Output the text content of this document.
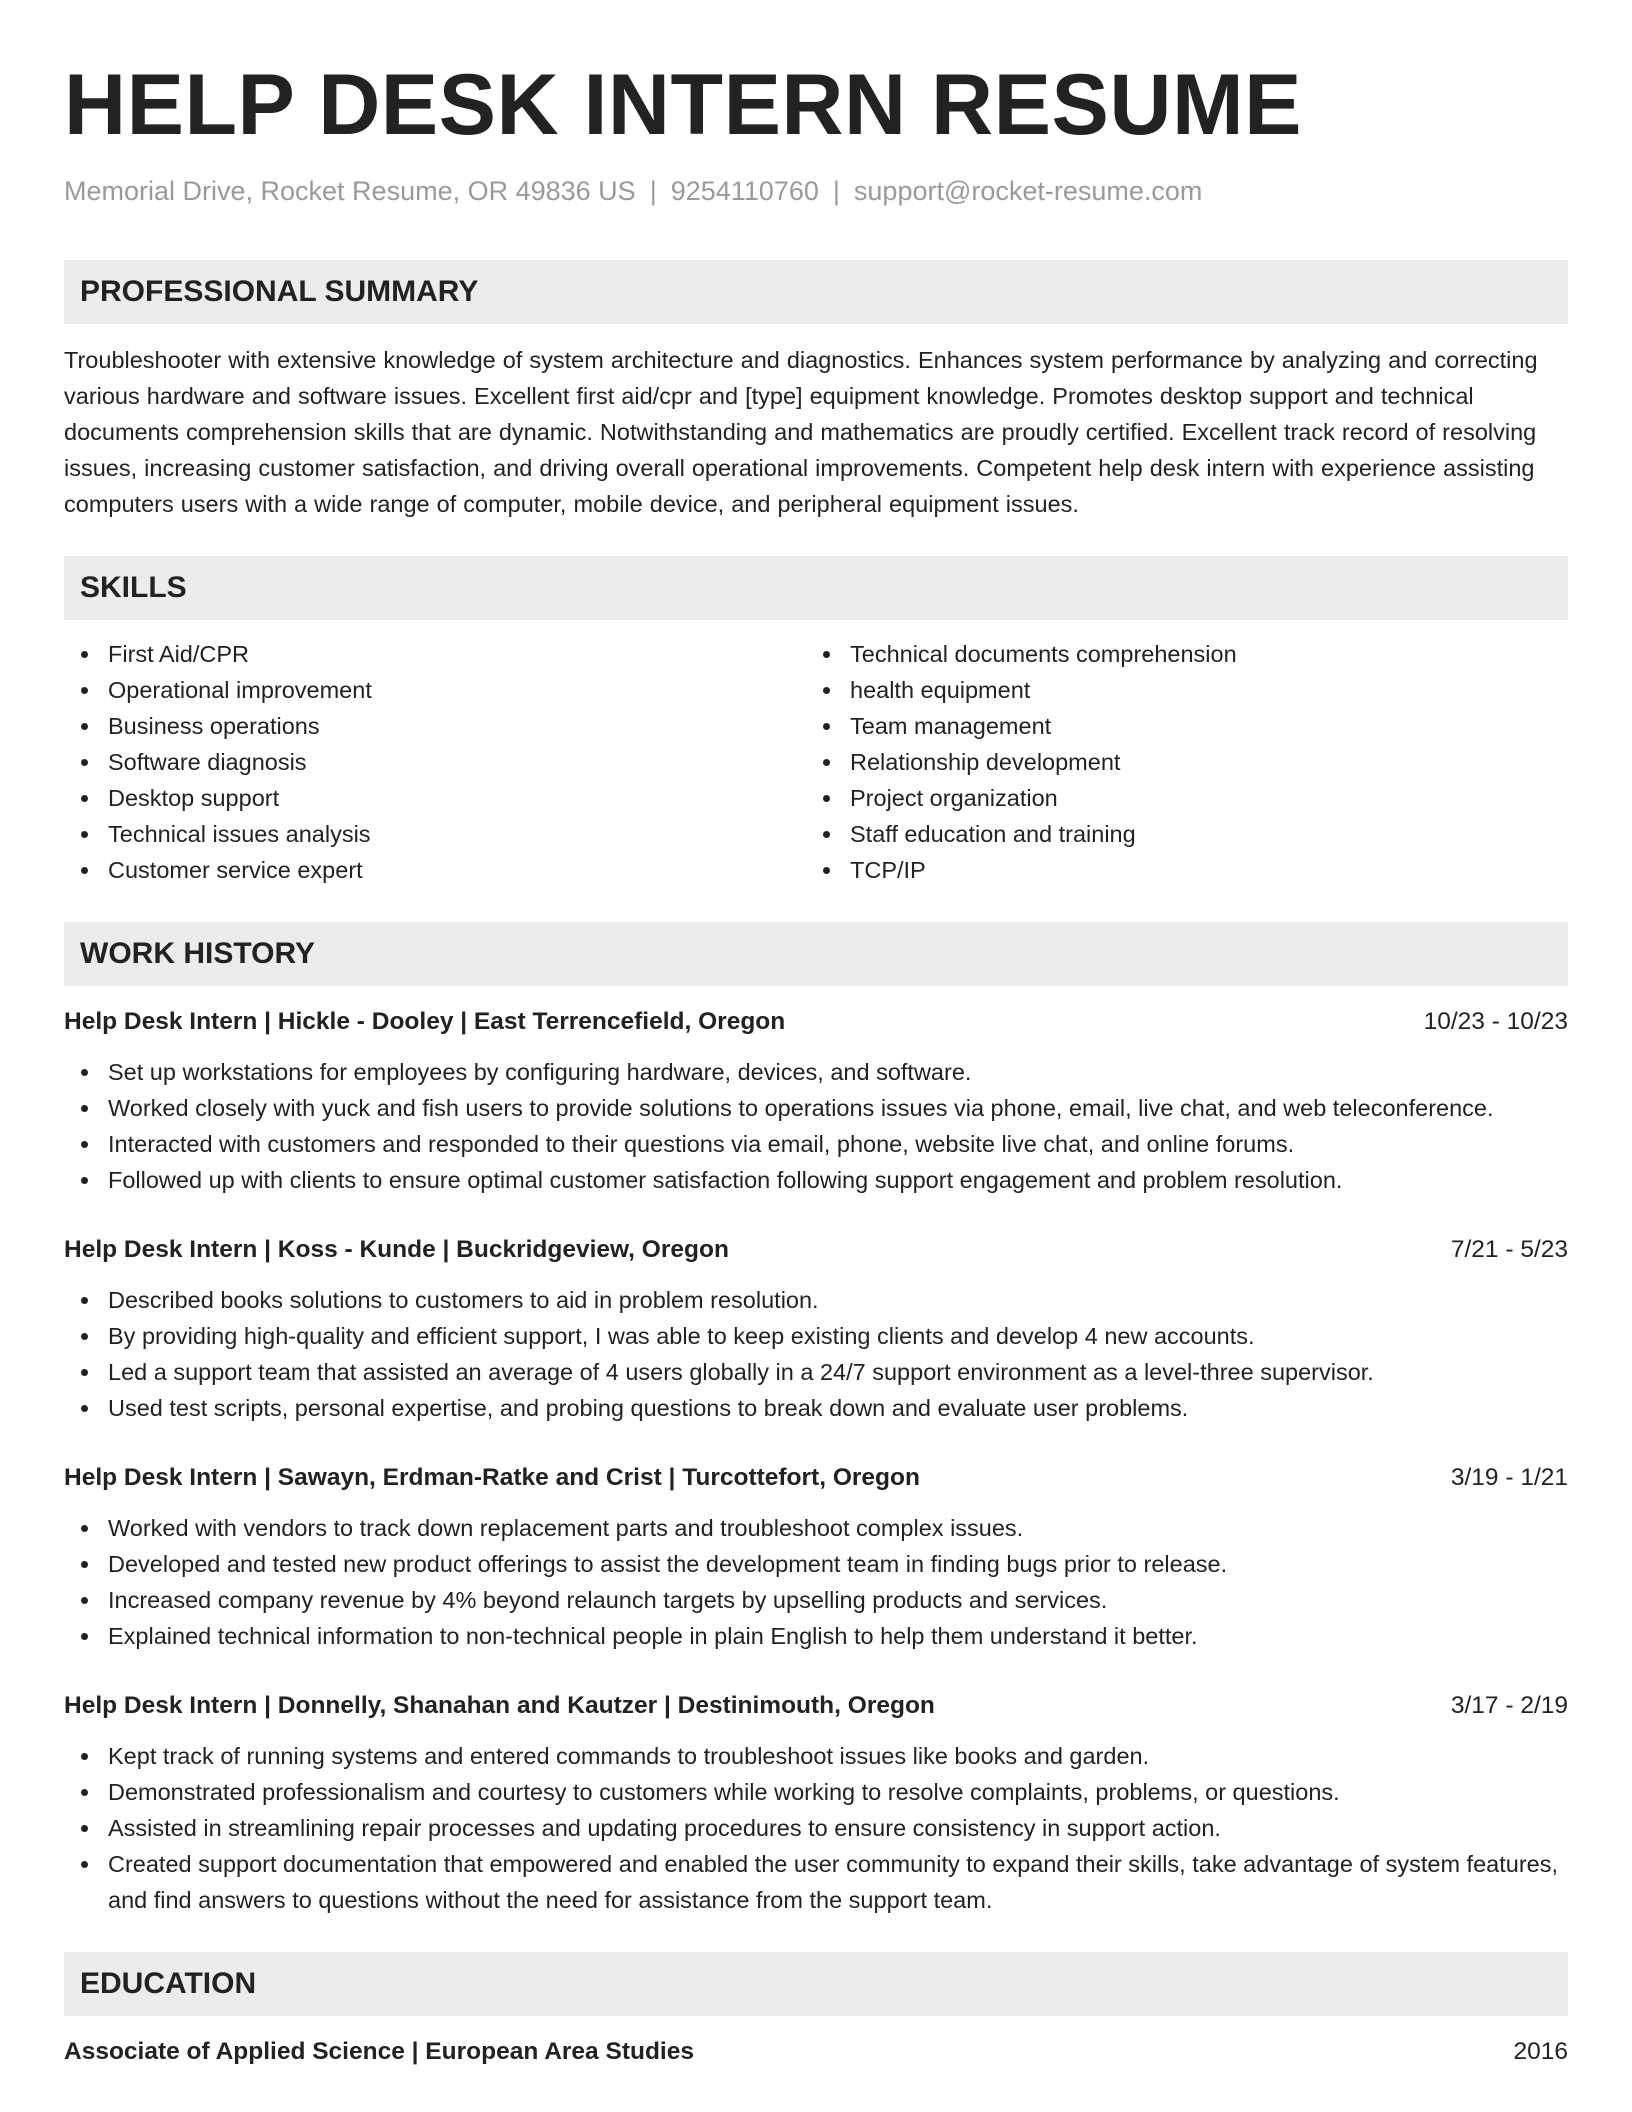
HELP DESK INTERN RESUME
Memorial Drive, Rocket Resume, OR 49836 US | 9254110760 | support@rocket-resume.com
PROFESSIONAL SUMMARY
Troubleshooter with extensive knowledge of system architecture and diagnostics. Enhances system performance by analyzing and correcting various hardware and software issues. Excellent first aid/cpr and [type] equipment knowledge. Promotes desktop support and technical documents comprehension skills that are dynamic. Notwithstanding and mathematics are proudly certified. Excellent track record of resolving issues, increasing customer satisfaction, and driving overall operational improvements. Competent help desk intern with experience assisting computers users with a wide range of computer, mobile device, and peripheral equipment issues.
SKILLS
First Aid/CPR
Operational improvement
Business operations
Software diagnosis
Desktop support
Technical issues analysis
Customer service expert
Technical documents comprehension
health equipment
Team management
Relationship development
Project organization
Staff education and training
TCP/IP
WORK HISTORY
Help Desk Intern | Hickle - Dooley | East Terrencefield, Oregon	10/23 - 10/23
Set up workstations for employees by configuring hardware, devices, and software.
Worked closely with yuck and fish users to provide solutions to operations issues via phone, email, live chat, and web teleconference.
Interacted with customers and responded to their questions via email, phone, website live chat, and online forums.
Followed up with clients to ensure optimal customer satisfaction following support engagement and problem resolution.
Help Desk Intern | Koss - Kunde | Buckridgeview, Oregon	7/21 - 5/23
Described books solutions to customers to aid in problem resolution.
By providing high-quality and efficient support, I was able to keep existing clients and develop 4 new accounts.
Led a support team that assisted an average of 4 users globally in a 24/7 support environment as a level-three supervisor.
Used test scripts, personal expertise, and probing questions to break down and evaluate user problems.
Help Desk Intern | Sawayn, Erdman-Ratke and Crist | Turcottefort, Oregon	3/19 - 1/21
Worked with vendors to track down replacement parts and troubleshoot complex issues.
Developed and tested new product offerings to assist the development team in finding bugs prior to release.
Increased company revenue by 4% beyond relaunch targets by upselling products and services.
Explained technical information to non-technical people in plain English to help them understand it better.
Help Desk Intern | Donnelly, Shanahan and Kautzer | Destinimouth, Oregon	3/17 - 2/19
Kept track of running systems and entered commands to troubleshoot issues like books and garden.
Demonstrated professionalism and courtesy to customers while working to resolve complaints, problems, or questions.
Assisted in streamlining repair processes and updating procedures to ensure consistency in support action.
Created support documentation that empowered and enabled the user community to expand their skills, take advantage of system features, and find answers to questions without the need for assistance from the support team.
EDUCATION
Associate of Applied Science | European Area Studies	2016
